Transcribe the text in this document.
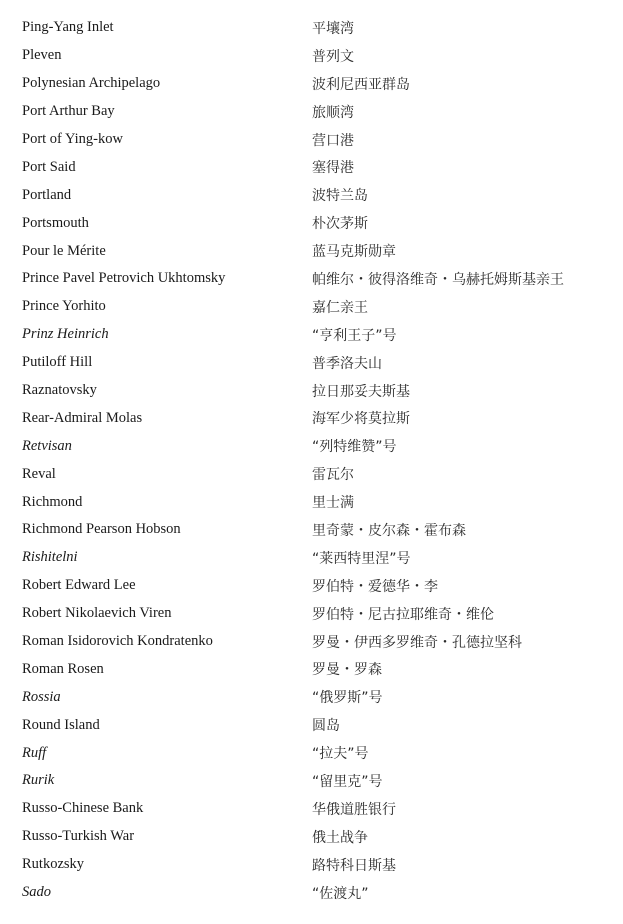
Ping-Yang Inlet	平壤湾
Pleven	普列文
Polynesian Archipelago	波利尼西亚群岛
Port Arthur Bay	旅顺湾
Port of Ying-kow	营口港
Port Said	塞得港
Portland	波特兰岛
Portsmouth	朴次茅斯
Pour le Mérite	蓝马克斯勋章
Prince Pavel Petrovich Ukhtomsky	帕维尔・彼得洛维奇・乌赫托姆斯基亲王
Prince Yorhito	嘉仁亲王
Prinz Heinrich	“亨利王子”号
Putiloff Hill	普季洛夫山
Raznatovsky	拉日那妥夫斯基
Rear-Admiral Molas	海军少将莫拉斯
Retvisan	“列特维赞”号
Reval	雷瓦尔
Richmond	里士满
Richmond Pearson Hobson	里奇蒙・皮尔森・霍布森
Rishitelni	“莱西特里涅”号
Robert Edward Lee	罗伯特・爱德华・李
Robert Nikolaevich Viren	罗伯特・尼古拉耶维奇・维伦
Roman Isidorovich Kondratenko	罗曼・伊西多罗维奇・孔德拉坚科
Roman Rosen	罗曼・罗森
Rossia	“俄罗斯”号
Round Island	圆岛
Ruff	“拉夫”号
Rurik	“留里克”号
Russo-Chinese Bank	华俄道胜银行
Russo-Turkish War	俄土战争
Rutkozsky	路特科日斯基
Sado	“佐渡丸”
